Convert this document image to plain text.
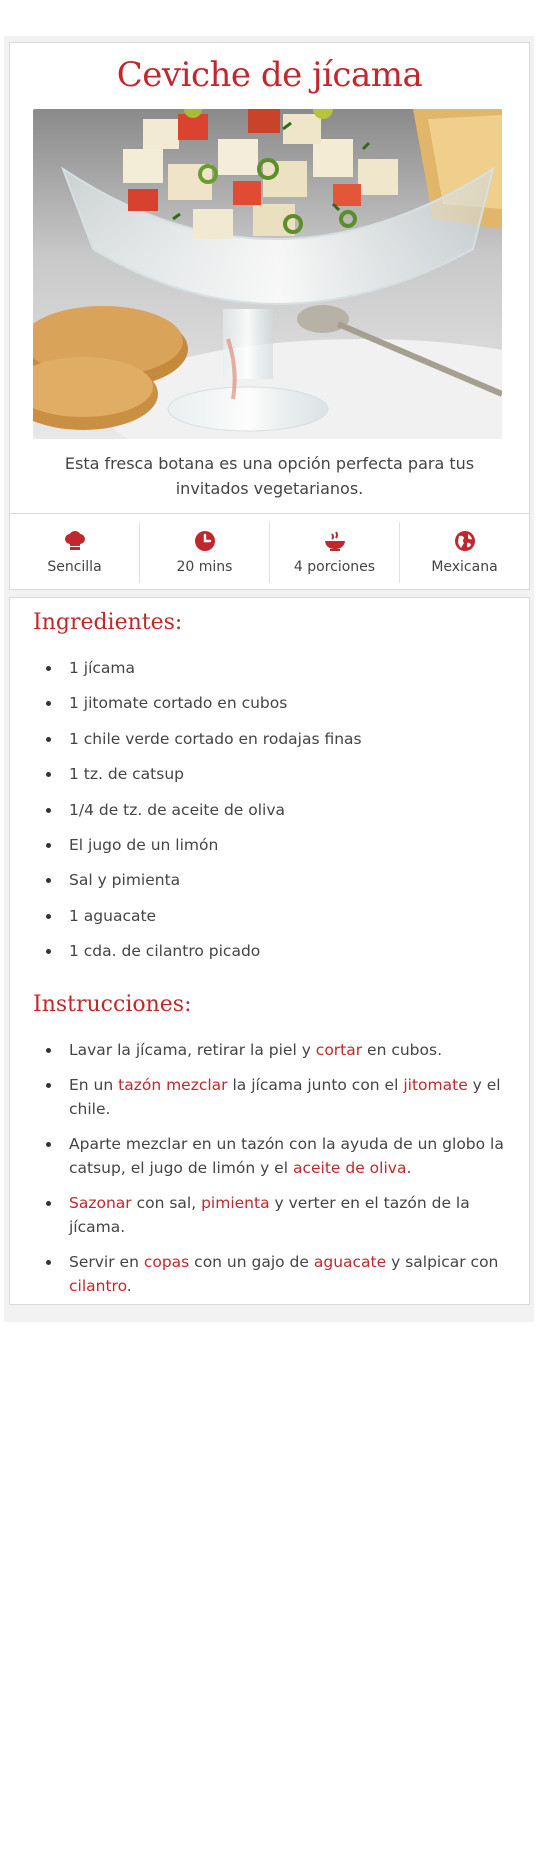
Ceviche de jícama

Esta fresca botana es una opción perfecta para tus invitados vegetarianos.

Sencilla	20 mins	4 porciones	Mexicana
Ingredientes:
1 jícama
1 jitomate cortado en cubos
1 chile verde cortado en rodajas finas
1 tz. de catsup
1/4 de tz. de aceite de oliva
El jugo de un limón
Sal y pimienta
1 aguacate
1 cda. de cilantro picado
Instrucciones:
Lavar la jícama, retirar la piel y cortar en cubos.
En un tazón mezclar la jícama junto con el jitomate y el chile.
Aparte mezclar en un tazón con la ayuda de un globo la catsup, el jugo de limón y el aceite de oliva.
Sazonar con sal, pimienta y verter en el tazón de la jícama.
Servir en copas con un gajo de aguacate y salpicar con cilantro.
